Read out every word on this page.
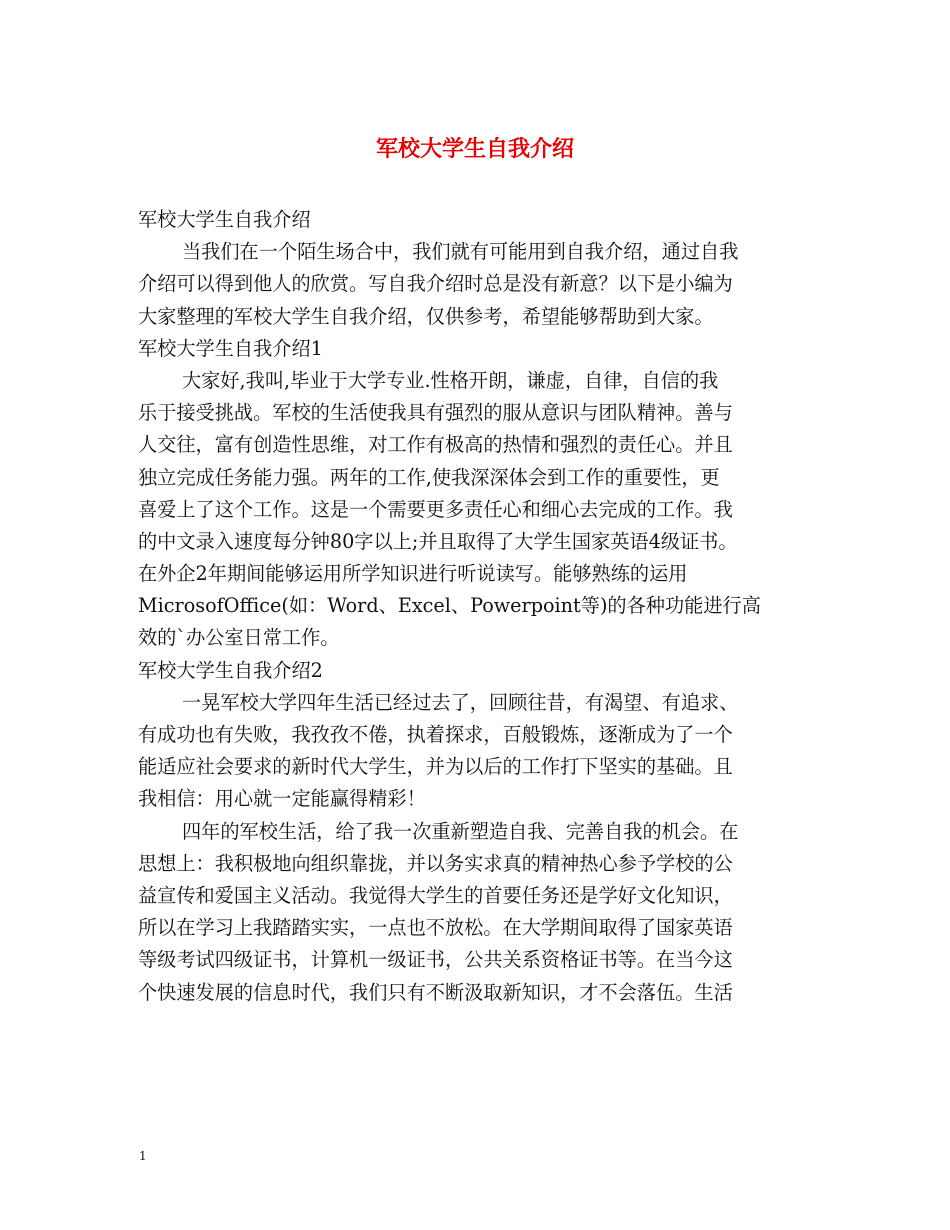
军校大学生自我介绍
军校大学生自我介绍
当我们在一个陌生场合中，我们就有可能用到自我介绍，通过自我
介绍可以得到他人的欣赏。写自我介绍时总是没有新意？以下是小编为
大家整理的军校大学生自我介绍，仅供参考，希望能够帮助到大家。
军校大学生自我介绍1
大家好,我叫,毕业于大学专业.性格开朗，谦虚，自律，自信的我
乐于接受挑战。军校的生活使我具有强烈的服从意识与团队精神。善与
人交往，富有创造性思维，对工作有极高的热情和强烈的责任心。并且
独立完成任务能力强。两年的工作,使我深深体会到工作的重要性，更
喜爱上了这个工作。这是一个需要更多责任心和细心去完成的工作。我
的中文录入速度每分钟80字以上;并且取得了大学生国家英语4级证书。
在外企2年期间能够运用所学知识进行听说读写。能够熟练的运用
MicrosofOffice(如：Word、Excel、Powerpoint等)的各种功能进行高
效的`办公室日常工作。
军校大学生自我介绍2
一晃军校大学四年生活已经过去了，回顾往昔，有渴望、有追求、
有成功也有失败，我孜孜不倦，执着探求，百般锻炼，逐渐成为了一个
能适应社会要求的新时代大学生，并为以后的工作打下坚实的基础。且
我相信：用心就一定能赢得精彩！
四年的军校生活，给了我一次重新塑造自我、完善自我的机会。在
思想上：我积极地向组织靠拢，并以务实求真的精神热心参予学校的公
益宣传和爱国主义活动。我觉得大学生的首要任务还是学好文化知识，
所以在学习上我踏踏实实，一点也不放松。在大学期间取得了国家英语
等级考试四级证书，计算机一级证书，公共关系资格证书等。在当今这
个快速发展的信息时代，我们只有不断汲取新知识，才不会落伍。生活
1
